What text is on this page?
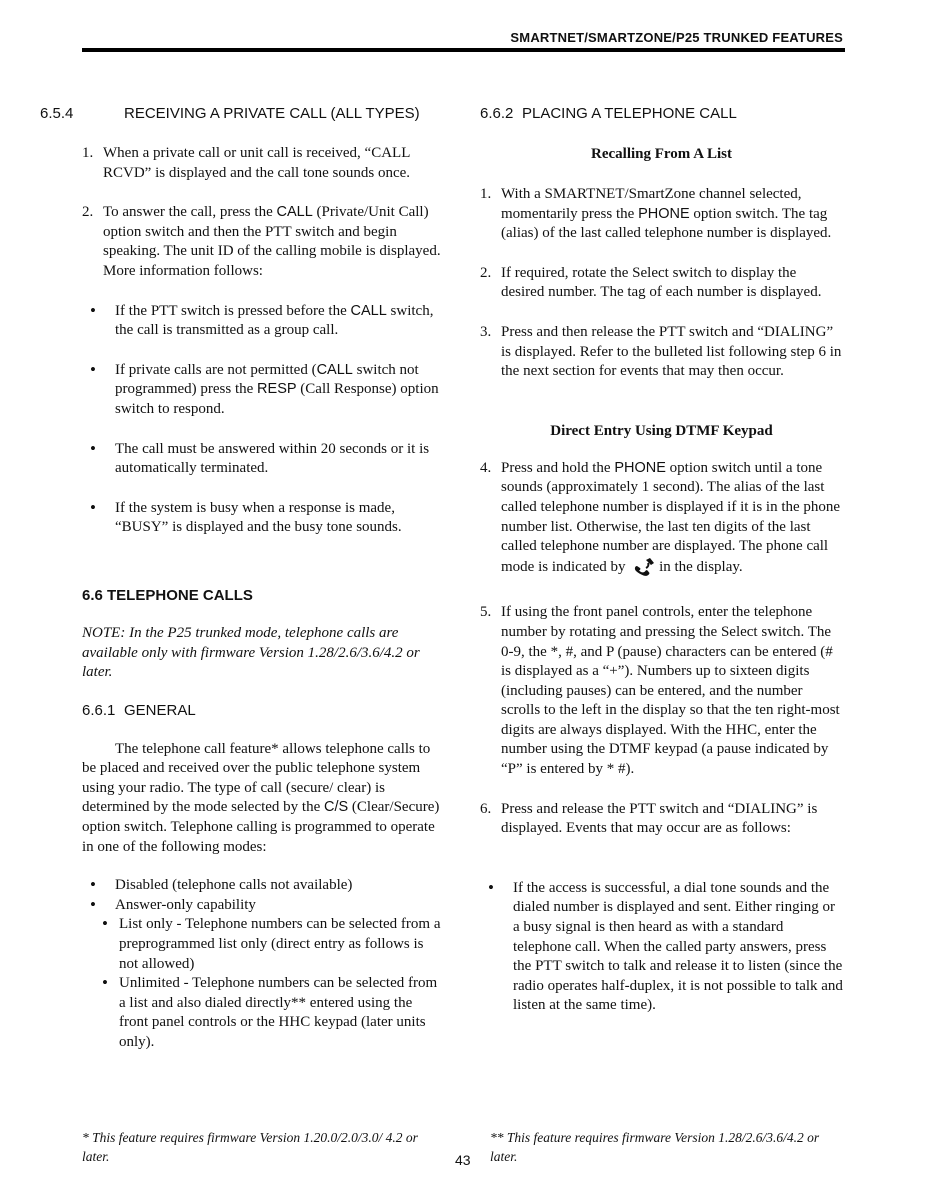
SMARTNET/SMARTZONE/P25 TRUNKED FEATURES
6.5.4	RECEIVING A PRIVATE CALL (ALL TYPES)
1. When a private call or unit call is received, “CALL RCVD” is displayed and the call tone sounds once.
2. To answer the call, press the CALL (Private/Unit Call) option switch and then the PTT switch and begin speaking. The unit ID of the calling mobile is displayed. More information follows:
• If the PTT switch is pressed before the CALL switch, the call is transmitted as a group call.
• If private calls are not permitted (CALL switch not programmed) press the RESP (Call Response) option switch to respond.
• The call must be answered within 20 seconds or it is automatically terminated.
• If the system is busy when a response is made, “BUSY” is displayed and the busy tone sounds.
6.6 TELEPHONE CALLS

NOTE: In the P25 trunked mode, telephone calls are available only with firmware Version 1.28/2.6/3.6/4.2 or later.

6.6.1 GENERAL

The telephone call feature* allows telephone calls to be placed and received over the public telephone system using your radio. The type of call (secure/ clear) is determined by the mode selected by the C/S (Clear/Secure) option switch. Telephone calling is programmed to operate in one of the following modes:

• Disabled (telephone calls not available)
• Answer-only capability
• List only - Telephone numbers can be selected from a preprogrammed list only (direct entry as follows is not allowed)
• Unlimited - Telephone numbers can be selected from a list and also dialed directly** entered using the front panel controls or the HHC keypad (later units only).
6.6.2 PLACING A TELEPHONE CALL
Recalling From A List
1. With a SMARTNET/SmartZone channel selected, momentarily press the PHONE option switch. The tag (alias) of the last called telephone number is displayed.
2. If required, rotate the Select switch to display the desired number. The tag of each number is displayed.
3. Press and then release the PTT switch and “DIALING” is displayed. Refer to the bulleted list following step 6 in the next section for events that may then occur.
Direct Entry Using DTMF Keypad
4. Press and hold the PHONE option switch until a tone sounds (approximately 1 second). The alias of the last called telephone number is displayed if it is in the phone number list. Otherwise, the last ten digits of the last called telephone number are displayed. The phone call mode is indicated by in the display.
5. If using the front panel controls, enter the telephone number by rotating and pressing the Select switch. The 0-9, the *, #, and P (pause) characters can be entered (# is displayed as a “+”). Numbers up to sixteen digits (including pauses) can be entered, and the number scrolls to the left in the display so that the ten right-most digits are always displayed. With the HHC, enter the number using the DTMF keypad (a pause indicated by “P” is entered by * #).
6. Press and release the PTT switch and “DIALING” is displayed. Events that may occur are as follows:
• If the access is successful, a dial tone sounds and the dialed number is displayed and sent. Either ringing or a busy signal is then heard as with a standard telephone call. When the called party answers, press the PTT switch to talk and release it to listen (since the radio operates half-duplex, it is not possible to talk and listen at the same time).
* This feature requires firmware Version 1.20.0/2.0/3.0/ 4.2 or later.	43
** This feature requires firmware Version 1.28/2.6/3.6/4.2 or later.
